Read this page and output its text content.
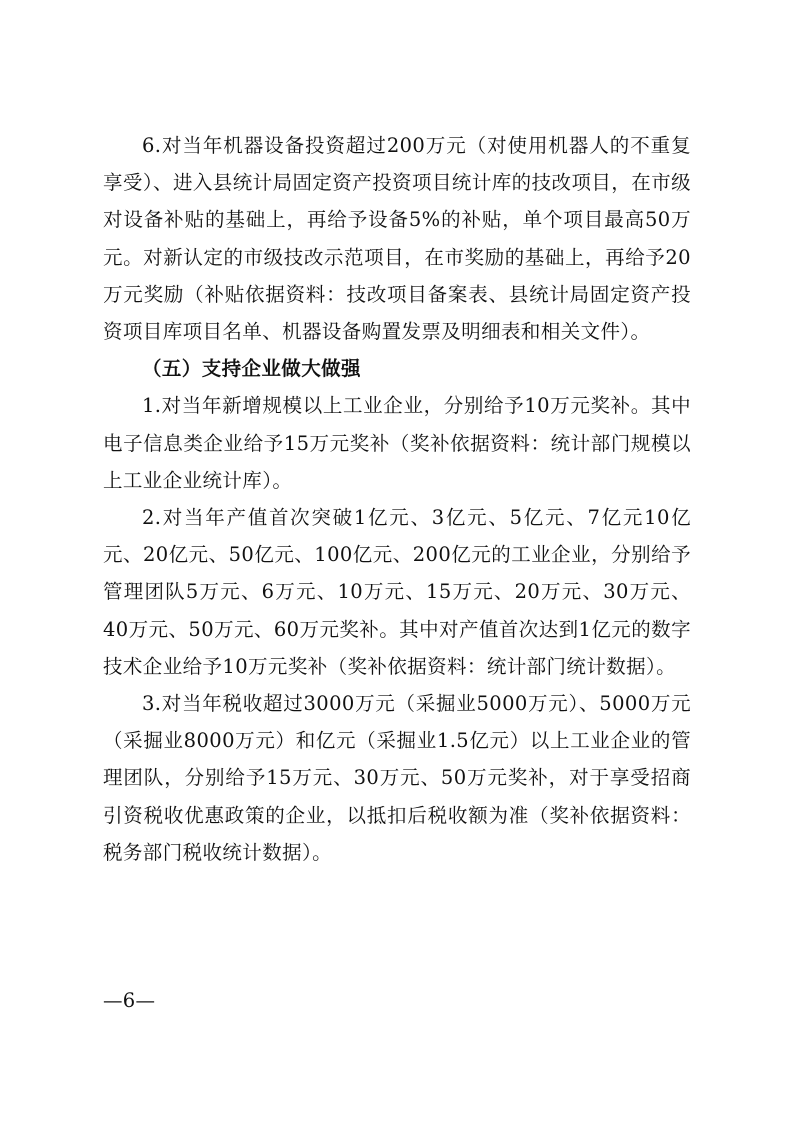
6.对当年机器设备投资超过200万元（对使用机器人的不重复享受）、进入县统计局固定资产投资项目统计库的技改项目，在市级对设备补贴的基础上，再给予设备5%的补贴，单个项目最高50万元。对新认定的市级技改示范项目，在市奖励的基础上，再给予20万元奖励（补贴依据资料：技改项目备案表、县统计局固定资产投资项目库项目名单、机器设备购置发票及明细表和相关文件）。

（五）支持企业做大做强

1.对当年新增规模以上工业企业，分别给予10万元奖补。其中电子信息类企业给予15万元奖补（奖补依据资料：统计部门规模以上工业企业统计库）。

2.对当年产值首次突破1亿元、3亿元、5亿元、7亿元10亿元、20亿元、50亿元、100亿元、200亿元的工业企业，分别给予管理团队5万元、6万元、10万元、15万元、20万元、30万元、40万元、50万元、60万元奖补。其中对产值首次达到1亿元的数字技术企业给予10万元奖补（奖补依据资料：统计部门统计数据）。

3.对当年税收超过3000万元（采掘业5000万元）、5000万元（采掘业8000万元）和亿元（采掘业1.5亿元）以上工业企业的管理团队，分别给予15万元、30万元、50万元奖补，对于享受招商引资税收优惠政策的企业，以抵扣后税收额为准（奖补依据资料：税务部门税收统计数据）。

—6—
